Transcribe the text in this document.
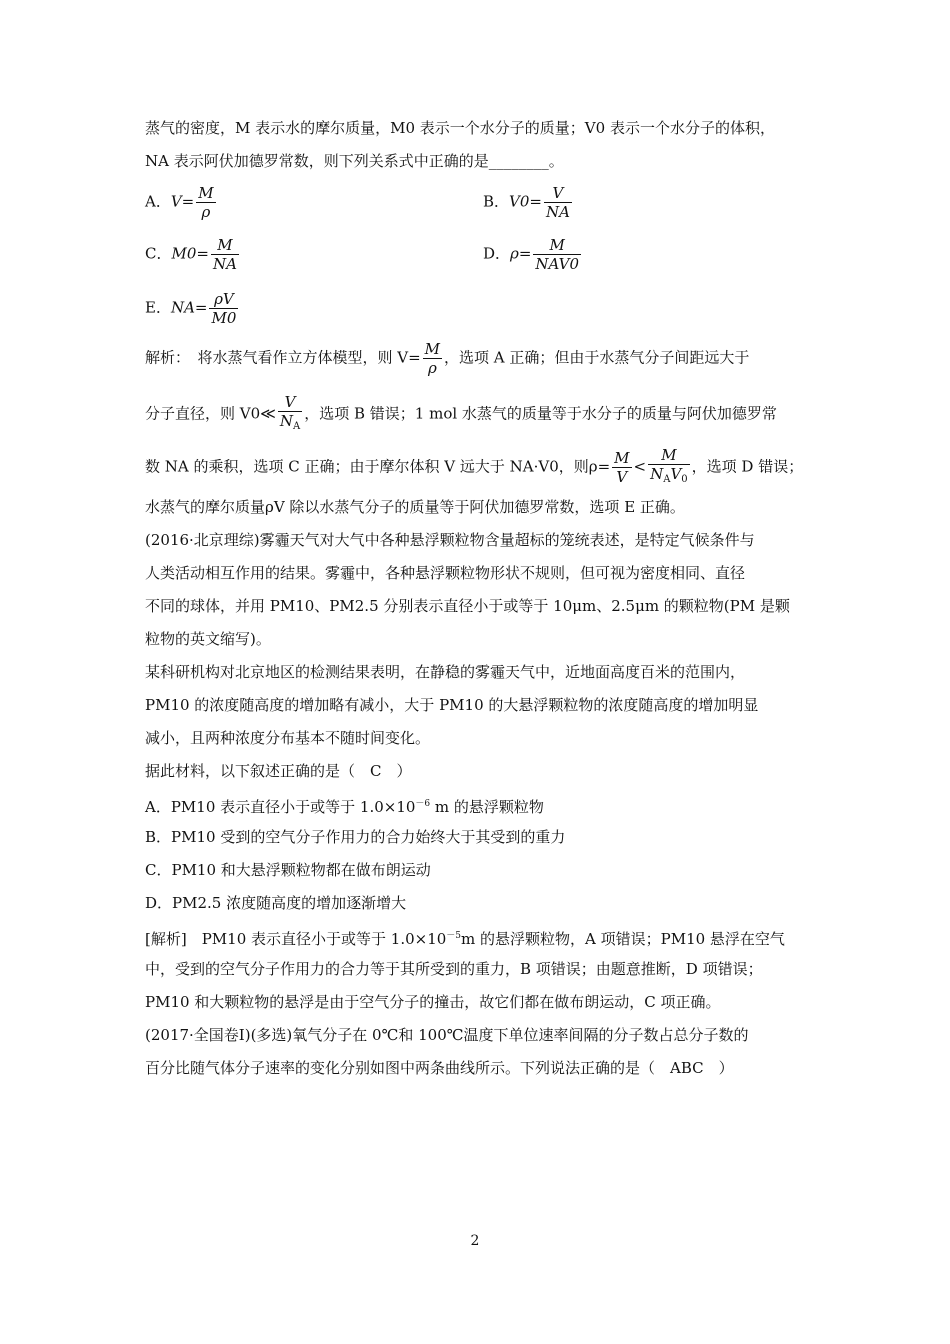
蒸气的密度，M 表示水的摩尔质量，M0 表示一个水分子的质量；V0 表示一个水分子的体积，
NA 表示阿伏加德罗常数，则下列关系式中正确的是________。
A．$V= \frac{M}{\rho}$	B．$V0= \frac{V}{NA}$
C．$M0= \frac{M}{NA}$	D．$\rho= \frac{M}{\text{NAV0}}$
E．$NA= \frac{\rho V}{M0}$
解析：　将水蒸气看作立方体模型，则 $V= \frac{M}{\rho}$ ，选项 A 正确；但由于水蒸气分子间距远大于
分子直径，则 V0≪ $\frac{V}{N_A}$ ，选项 B 错误；1 mol 水蒸气的质量等于水分子的质量与阿伏加德罗常
数 NA 的乘积，选项 C 正确；由于摩尔体积 V 远大于 NA·V0，则$\rho= \frac{M}{V} < \frac{M}{N_AV_0}$ ，选项 D 错误；
水蒸气的摩尔质量ρV 除以水蒸气分子的质量等于阿伏加德罗常数，选项 E 正确。
(2016·北京理综)雾霾天气对大气中各种悬浮颗粒物含量超标的笼统表述，是特定气候条件与
人类活动相互作用的结果。雾霾中，各种悬浮颗粒物形状不规则，但可视为密度相同、直径
不同的球体，并用 PM10、PM2.5 分别表示直径小于或等于 10μm、2.5μm 的颗粒物(PM 是颗
粒物的英文缩写)。
某科研机构对北京地区的检测结果表明，在静稳的雾霾天气中，近地面高度百米的范围内，
PM10 的浓度随高度的增加略有减小，大于 PM10 的大悬浮颗粒物的浓度随高度的增加明显
减小，且两种浓度分布基本不随时间变化。
据此材料，以下叙述正确的是（　C　）
A．PM10 表示直径小于或等于 $1.0\times 10^{-6}$ m 的悬浮颗粒物
B．PM10 受到的空气分子作用力的合力始终大于其受到的重力
C．PM10 和大悬浮颗粒物都在做布朗运动
D．PM2.5 浓度随高度的增加逐渐增大
[解析]　PM10 表示直径小于或等于 $1.0\times 10^{-5}m$ 的悬浮颗粒物，A 项错误；PM10 悬浮在空气
中，受到的空气分子作用力的合力等于其所受到的重力，B 项错误；由题意推断，D 项错误；
PM10 和大颗粒物的悬浮是由于空气分子的撞击，故它们都在做布朗运动，C 项正确。
(2017·全国卷Ⅰ)(多选)氧气分子在 0℃和 100℃温度下单位速率间隔的分子数占总分子数的
百分比随气体分子速率的变化分别如图中两条曲线所示。下列说法正确的是（　ABC　）
2
